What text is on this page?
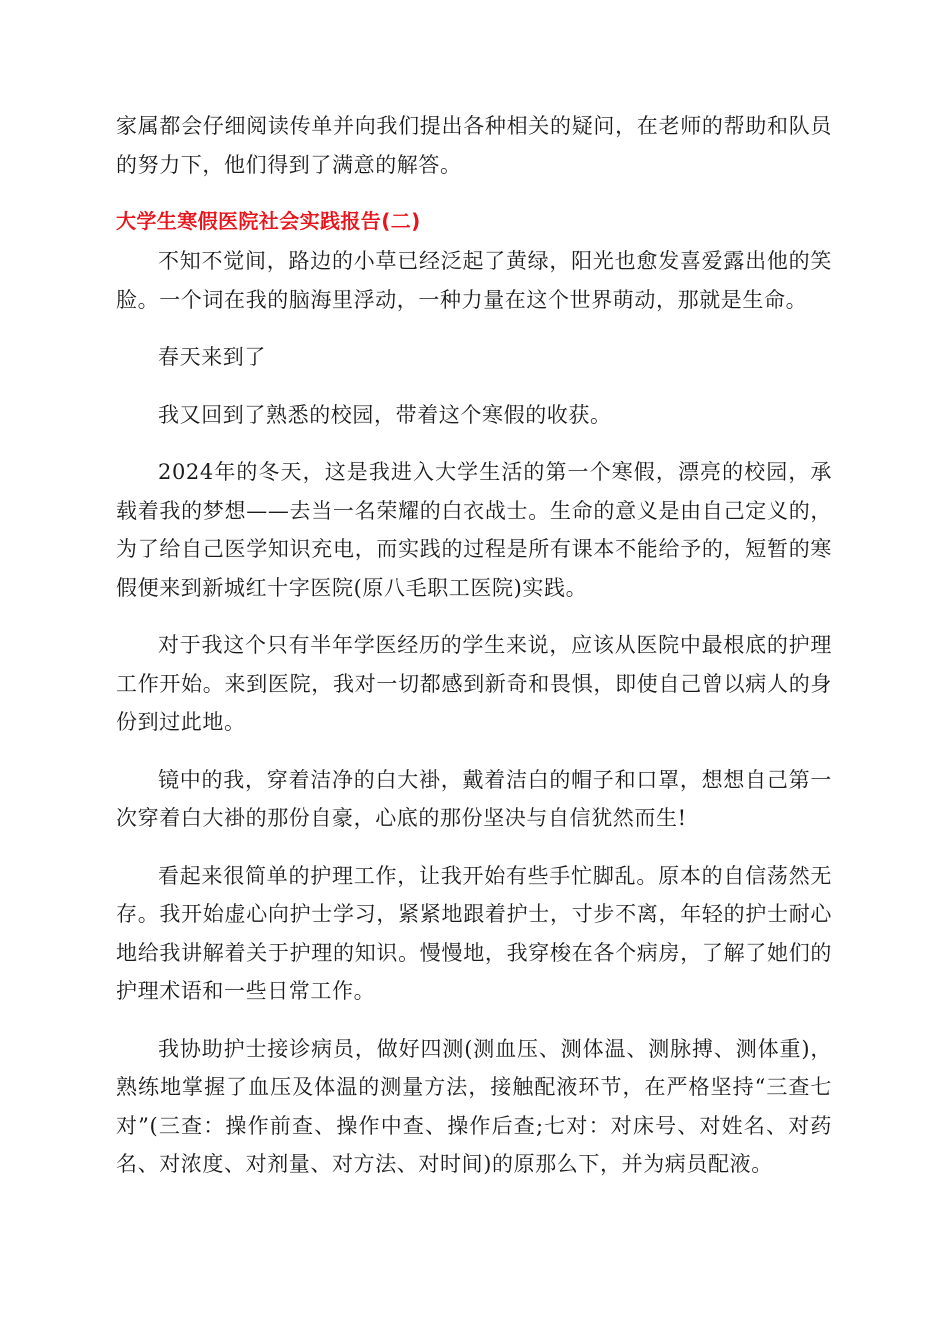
家属都会仔细阅读传单并向我们提出各种相关的疑问，在老师的帮助和队员的努力下，他们得到了满意的解答。

大学生寒假医院社会实践报告(二)

不知不觉间，路边的小草已经泛起了黄绿，阳光也愈发喜爱露出他的笑脸。一个词在我的脑海里浮动，一种力量在这个世界萌动，那就是生命。

春天来到了

我又回到了熟悉的校园，带着这个寒假的收获。

2024年的冬天，这是我进入大学生活的第一个寒假，漂亮的校园，承载着我的梦想——去当一名荣耀的白衣战士。生命的意义是由自己定义的，为了给自己医学知识充电，而实践的过程是所有课本不能给予的，短暂的寒假便来到新城红十字医院(原八毛职工医院)实践。

对于我这个只有半年学医经历的学生来说，应该从医院中最根底的护理工作开始。来到医院，我对一切都感到新奇和畏惧，即使自己曾以病人的身份到过此地。

镜中的我，穿着洁净的白大褂，戴着洁白的帽子和口罩，想想自己第一次穿着白大褂的那份自豪，心底的那份坚决与自信犹然而生!

看起来很简单的护理工作，让我开始有些手忙脚乱。原本的自信荡然无存。我开始虚心向护士学习，紧紧地跟着护士，寸步不离，年轻的护士耐心地给我讲解着关于护理的知识。慢慢地，我穿梭在各个病房，了解了她们的护理术语和一些日常工作。

我协助护士接诊病员，做好四测(测血压、测体温、测脉搏、测体重)，熟练地掌握了血压及体温的测量方法，接触配液环节，在严格坚持“三查七对”(三查：操作前查、操作中查、操作后查;七对：对床号、对姓名、对药名、对浓度、对剂量、对方法、对时间)的原那么下，并为病员配液。
